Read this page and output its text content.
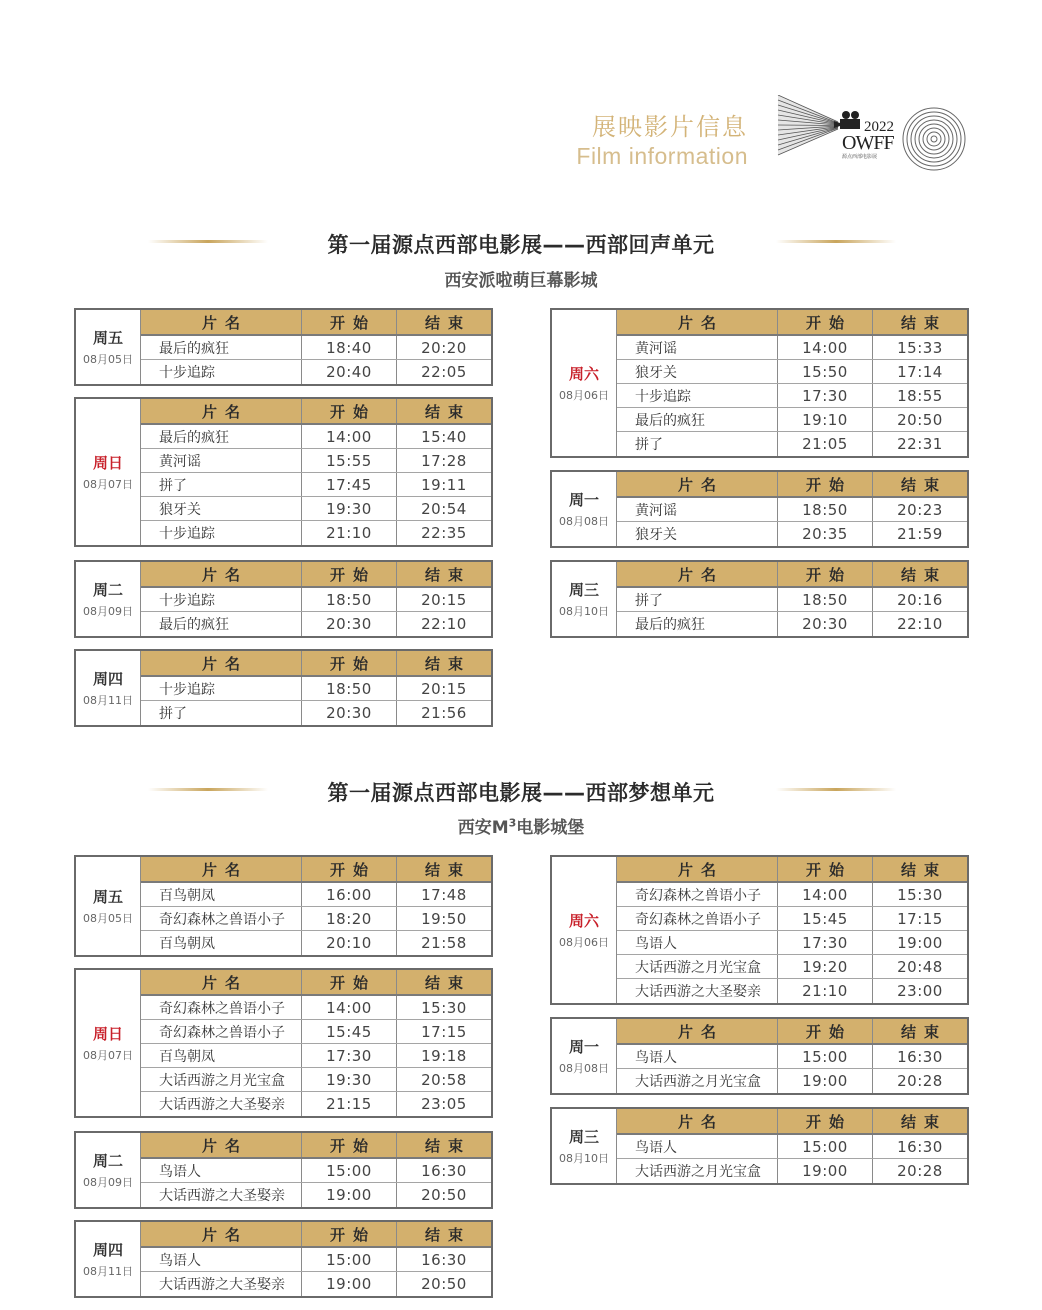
展映影片信息
Film information
2022
OWFF
源点西部电影展
第一届源点西部电影展——西部回声单元
西安派啦萌巨幕影城
第一届源点西部电影展——西部梦想单元
西安$M^3$电影城堡
周五
08月05日
片名	开始	结束
最后的疯狂	18:40	20:20
十步追踪	20:40	22:05
周日
08月07日
片名	开始	结束
最后的疯狂	14:00	15:40
黄河谣	15:55	17:28
拼了	17:45	19:11
狼牙关	19:30	20:54
十步追踪	21:10	22:35
周二
08月09日
片名	开始	结束
十步追踪	18:50	20:15
最后的疯狂	20:30	22:10
周四
08月11日
片名	开始	结束
十步追踪	18:50	20:15
拼了	20:30	21:56
周六
08月06日
片名	开始	结束
黄河谣	14:00	15:33
狼牙关	15:50	17:14
十步追踪	17:30	18:55
最后的疯狂	19:10	20:50
拼了	21:05	22:31
周一
08月08日
片名	开始	结束
黄河谣	18:50	20:23
狼牙关	20:35	21:59
周三
08月10日
片名	开始	结束
拼了	18:50	20:16
最后的疯狂	20:30	22:10
周五
08月05日
片名	开始	结束
百鸟朝凤	16:00	17:48
奇幻森林之兽语小子	18:20	19:50
百鸟朝凤	20:10	21:58
周日
08月07日
片名	开始	结束
奇幻森林之兽语小子	14:00	15:30
奇幻森林之兽语小子	15:45	17:15
百鸟朝凤	17:30	19:18
大话西游之月光宝盒	19:30	20:58
大话西游之大圣娶亲	21:15	23:05
周二
08月09日
片名	开始	结束
鸟语人	15:00	16:30
大话西游之大圣娶亲	19:00	20:50
周四
08月11日
片名	开始	结束
鸟语人	15:00	16:30
大话西游之大圣娶亲	19:00	20:50
周六
08月06日
片名	开始	结束
奇幻森林之兽语小子	14:00	15:30
奇幻森林之兽语小子	15:45	17:15
鸟语人	17:30	19:00
大话西游之月光宝盒	19:20	20:48
大话西游之大圣娶亲	21:10	23:00
周一
08月08日
片名	开始	结束
鸟语人	15:00	16:30
大话西游之月光宝盒	19:00	20:28
周三
08月10日
片名	开始	结束
鸟语人	15:00	16:30
大话西游之月光宝盒	19:00	20:28
